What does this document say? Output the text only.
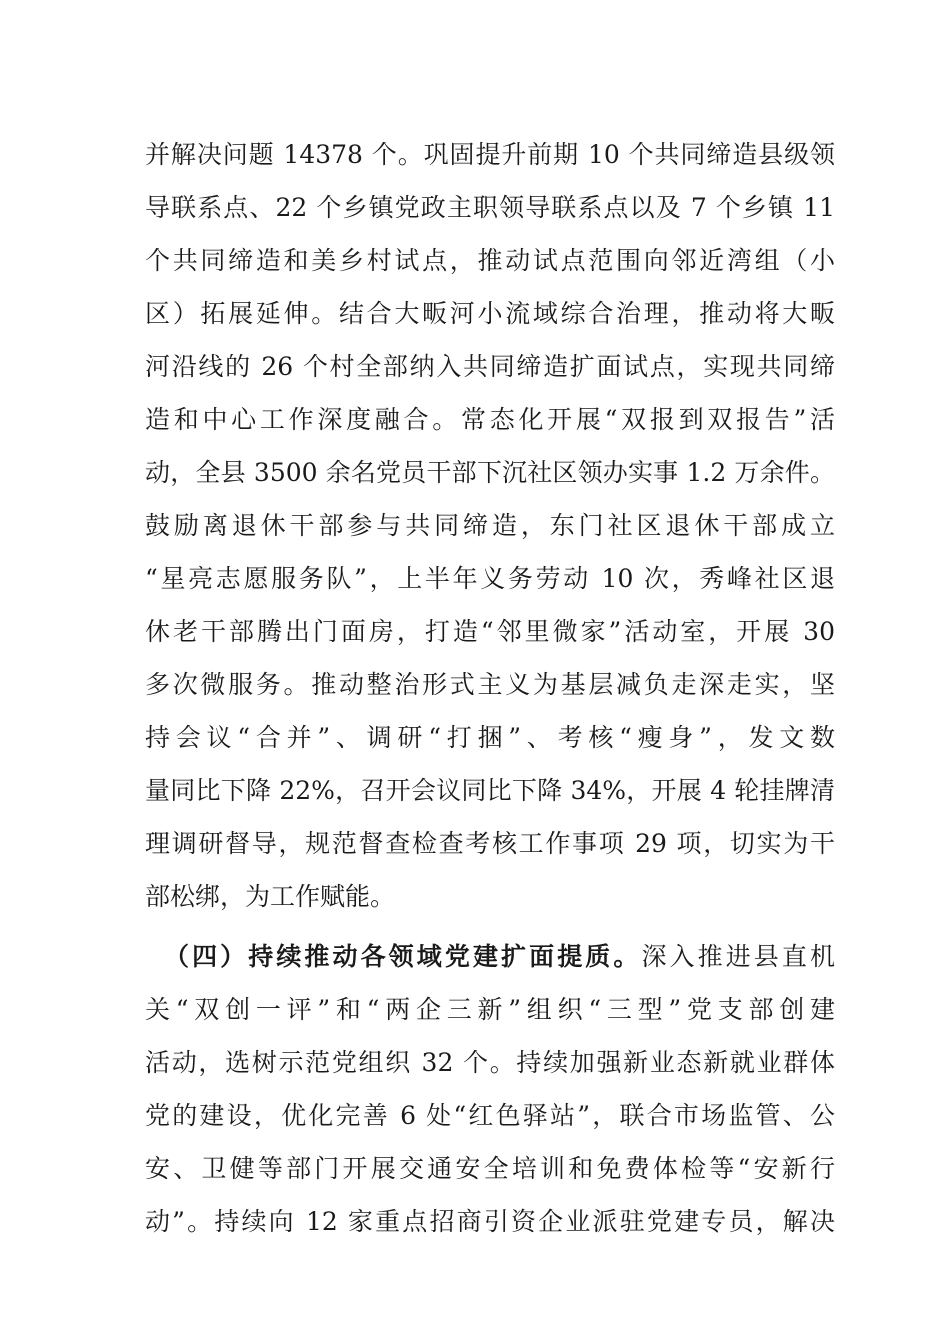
并解决问题 14378 个。巩固提升前期 10 个共同缔造县级领
导联系点、22 个乡镇党政主职领导联系点以及 7 个乡镇 11
个共同缔造和美乡村试点，推动试点范围向邻近湾组（小
区）拓展延伸。结合大畈河小流域综合治理，推动将大畈
河沿线的 26 个村全部纳入共同缔造扩面试点，实现共同缔
造和中心工作深度融合。常态化开展“双报到双报告”活
动，全县 3500 余名党员干部下沉社区领办实事 1.2 万余件。
鼓励离退休干部参与共同缔造，东门社区退休干部成立
“星亮志愿服务队”，上半年义务劳动 10 次，秀峰社区退
休老干部腾出门面房，打造“邻里微家”活动室，开展 30
多次微服务。推动整治形式主义为基层减负走深走实，坚
持会议“合并”、调研“打捆”、考核“瘦身”，发文数
量同比下降 22%，召开会议同比下降 34%，开展 4 轮挂牌清
理调研督导，规范督查检查考核工作事项 29 项，切实为干
部松绑，为工作赋能。
（四）持续推动各领域党建扩面提质。深入推进县直机
关“双创一评”和“两企三新”组织“三型”党支部创建
活动，选树示范党组织 32 个。持续加强新业态新就业群体
党的建设，优化完善 6 处“红色驿站”，联合市场监管、公
安、卫健等部门开展交通安全培训和免费体检等“安新行
动”。持续向 12 家重点招商引资企业派驻党建专员，解决
